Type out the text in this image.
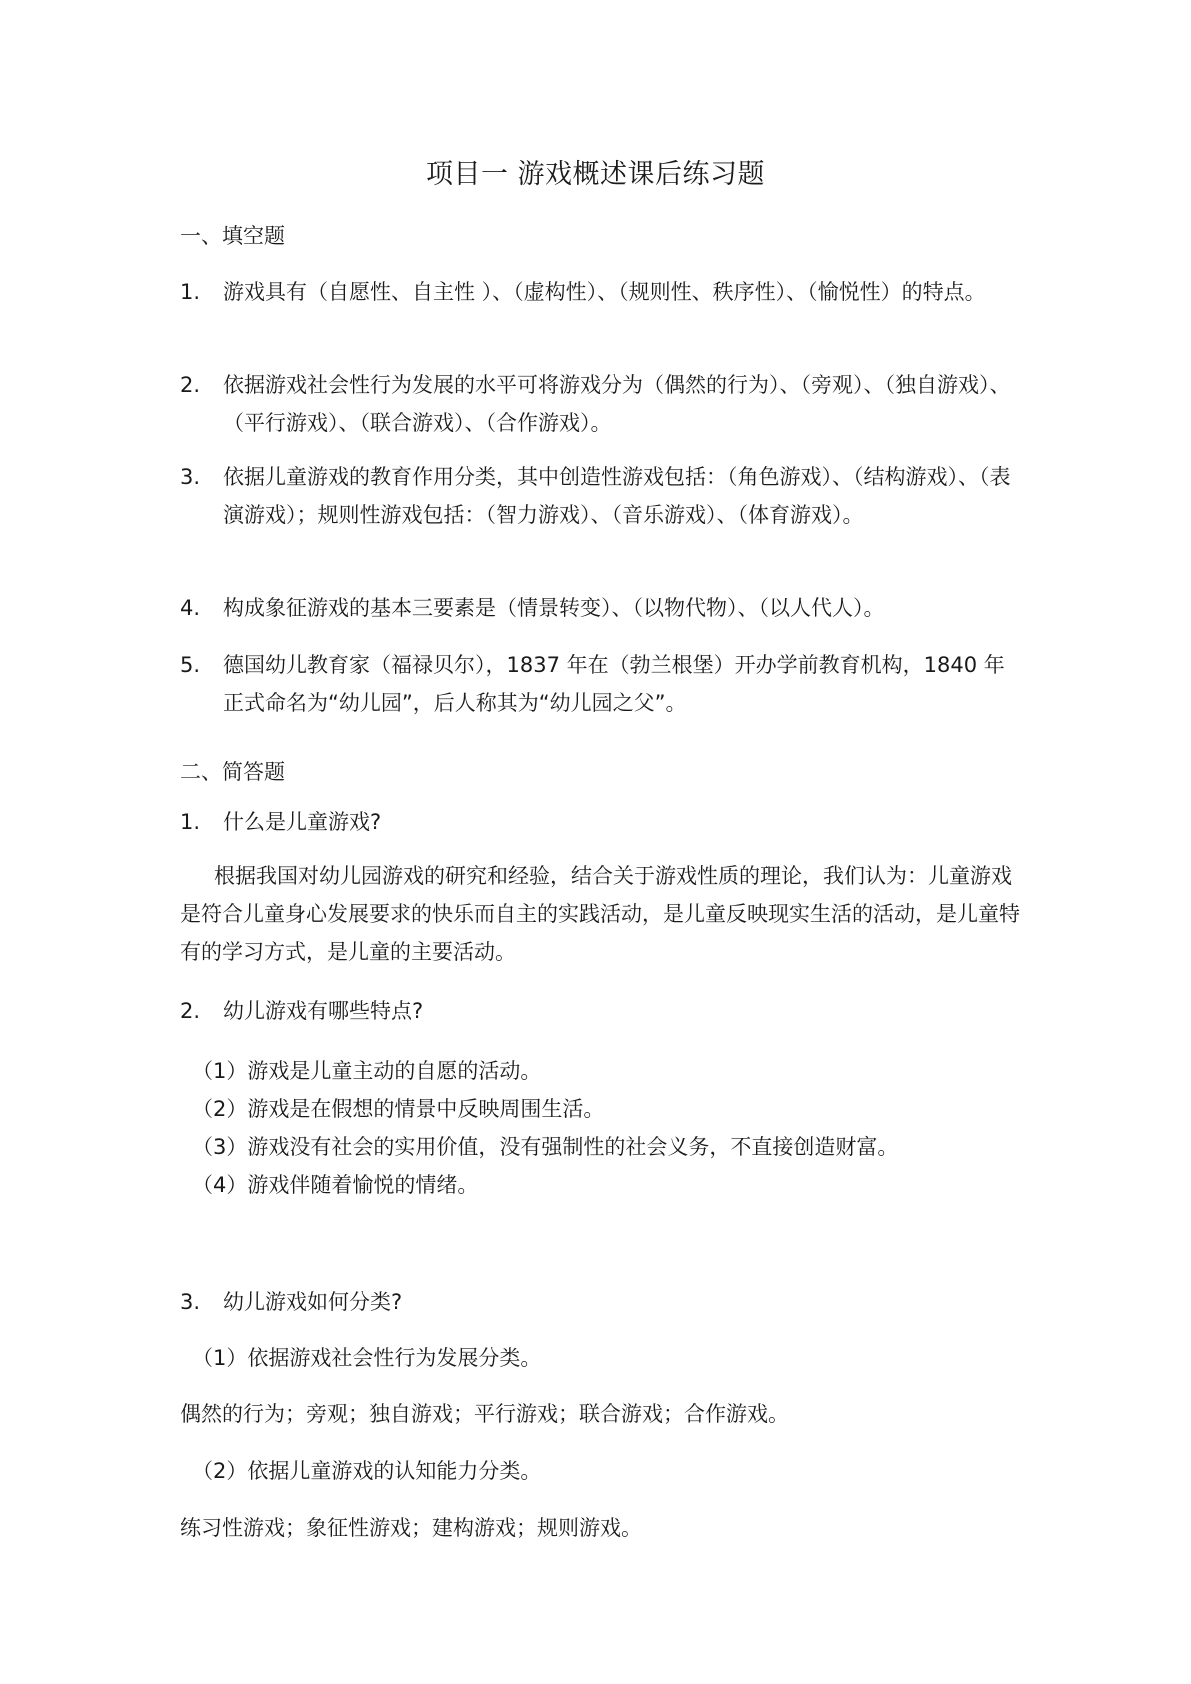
项目一 游戏概述课后练习题
一、填空题
1. 游戏具有（自愿性、自主性 ）、（虚构性）、（规则性、秩序性）、（愉悦性）的特点。
2. 依据游戏社会性行为发展的水平可将游戏分为（偶然的行为）、（旁观）、（独自游戏）、（平行游戏）、（联合游戏）、（合作游戏）。
3. 依据儿童游戏的教育作用分类，其中创造性游戏包括：（角色游戏）、（结构游戏）、（表演游戏）；规则性游戏包括：（智力游戏）、（音乐游戏）、（体育游戏）。
4. 构成象征游戏的基本三要素是（情景转变）、（以物代物）、（以人代人）。
5. 德国幼儿教育家（福禄贝尔），1837 年在（勃兰根堡）开办学前教育机构，1840 年正式命名为“幼儿园”，后人称其为“幼儿园之父”。
二、简答题
1. 什么是儿童游戏?
根据我国对幼儿园游戏的研究和经验，结合关于游戏性质的理论，我们认为：儿童游戏是符合儿童身心发展要求的快乐而自主的实践活动，是儿童反映现实生活的活动，是儿童特有的学习方式，是儿童的主要活动。
2. 幼儿游戏有哪些特点?
（1）游戏是儿童主动的自愿的活动。
（2）游戏是在假想的情景中反映周围生活。
（3）游戏没有社会的实用价值，没有强制性的社会义务，不直接创造财富。
（4）游戏伴随着愉悦的情绪。
3. 幼儿游戏如何分类?
（1）依据游戏社会性行为发展分类。
偶然的行为；旁观；独自游戏；平行游戏；联合游戏；合作游戏。
（2）依据儿童游戏的认知能力分类。
练习性游戏；象征性游戏；建构游戏；规则游戏。
